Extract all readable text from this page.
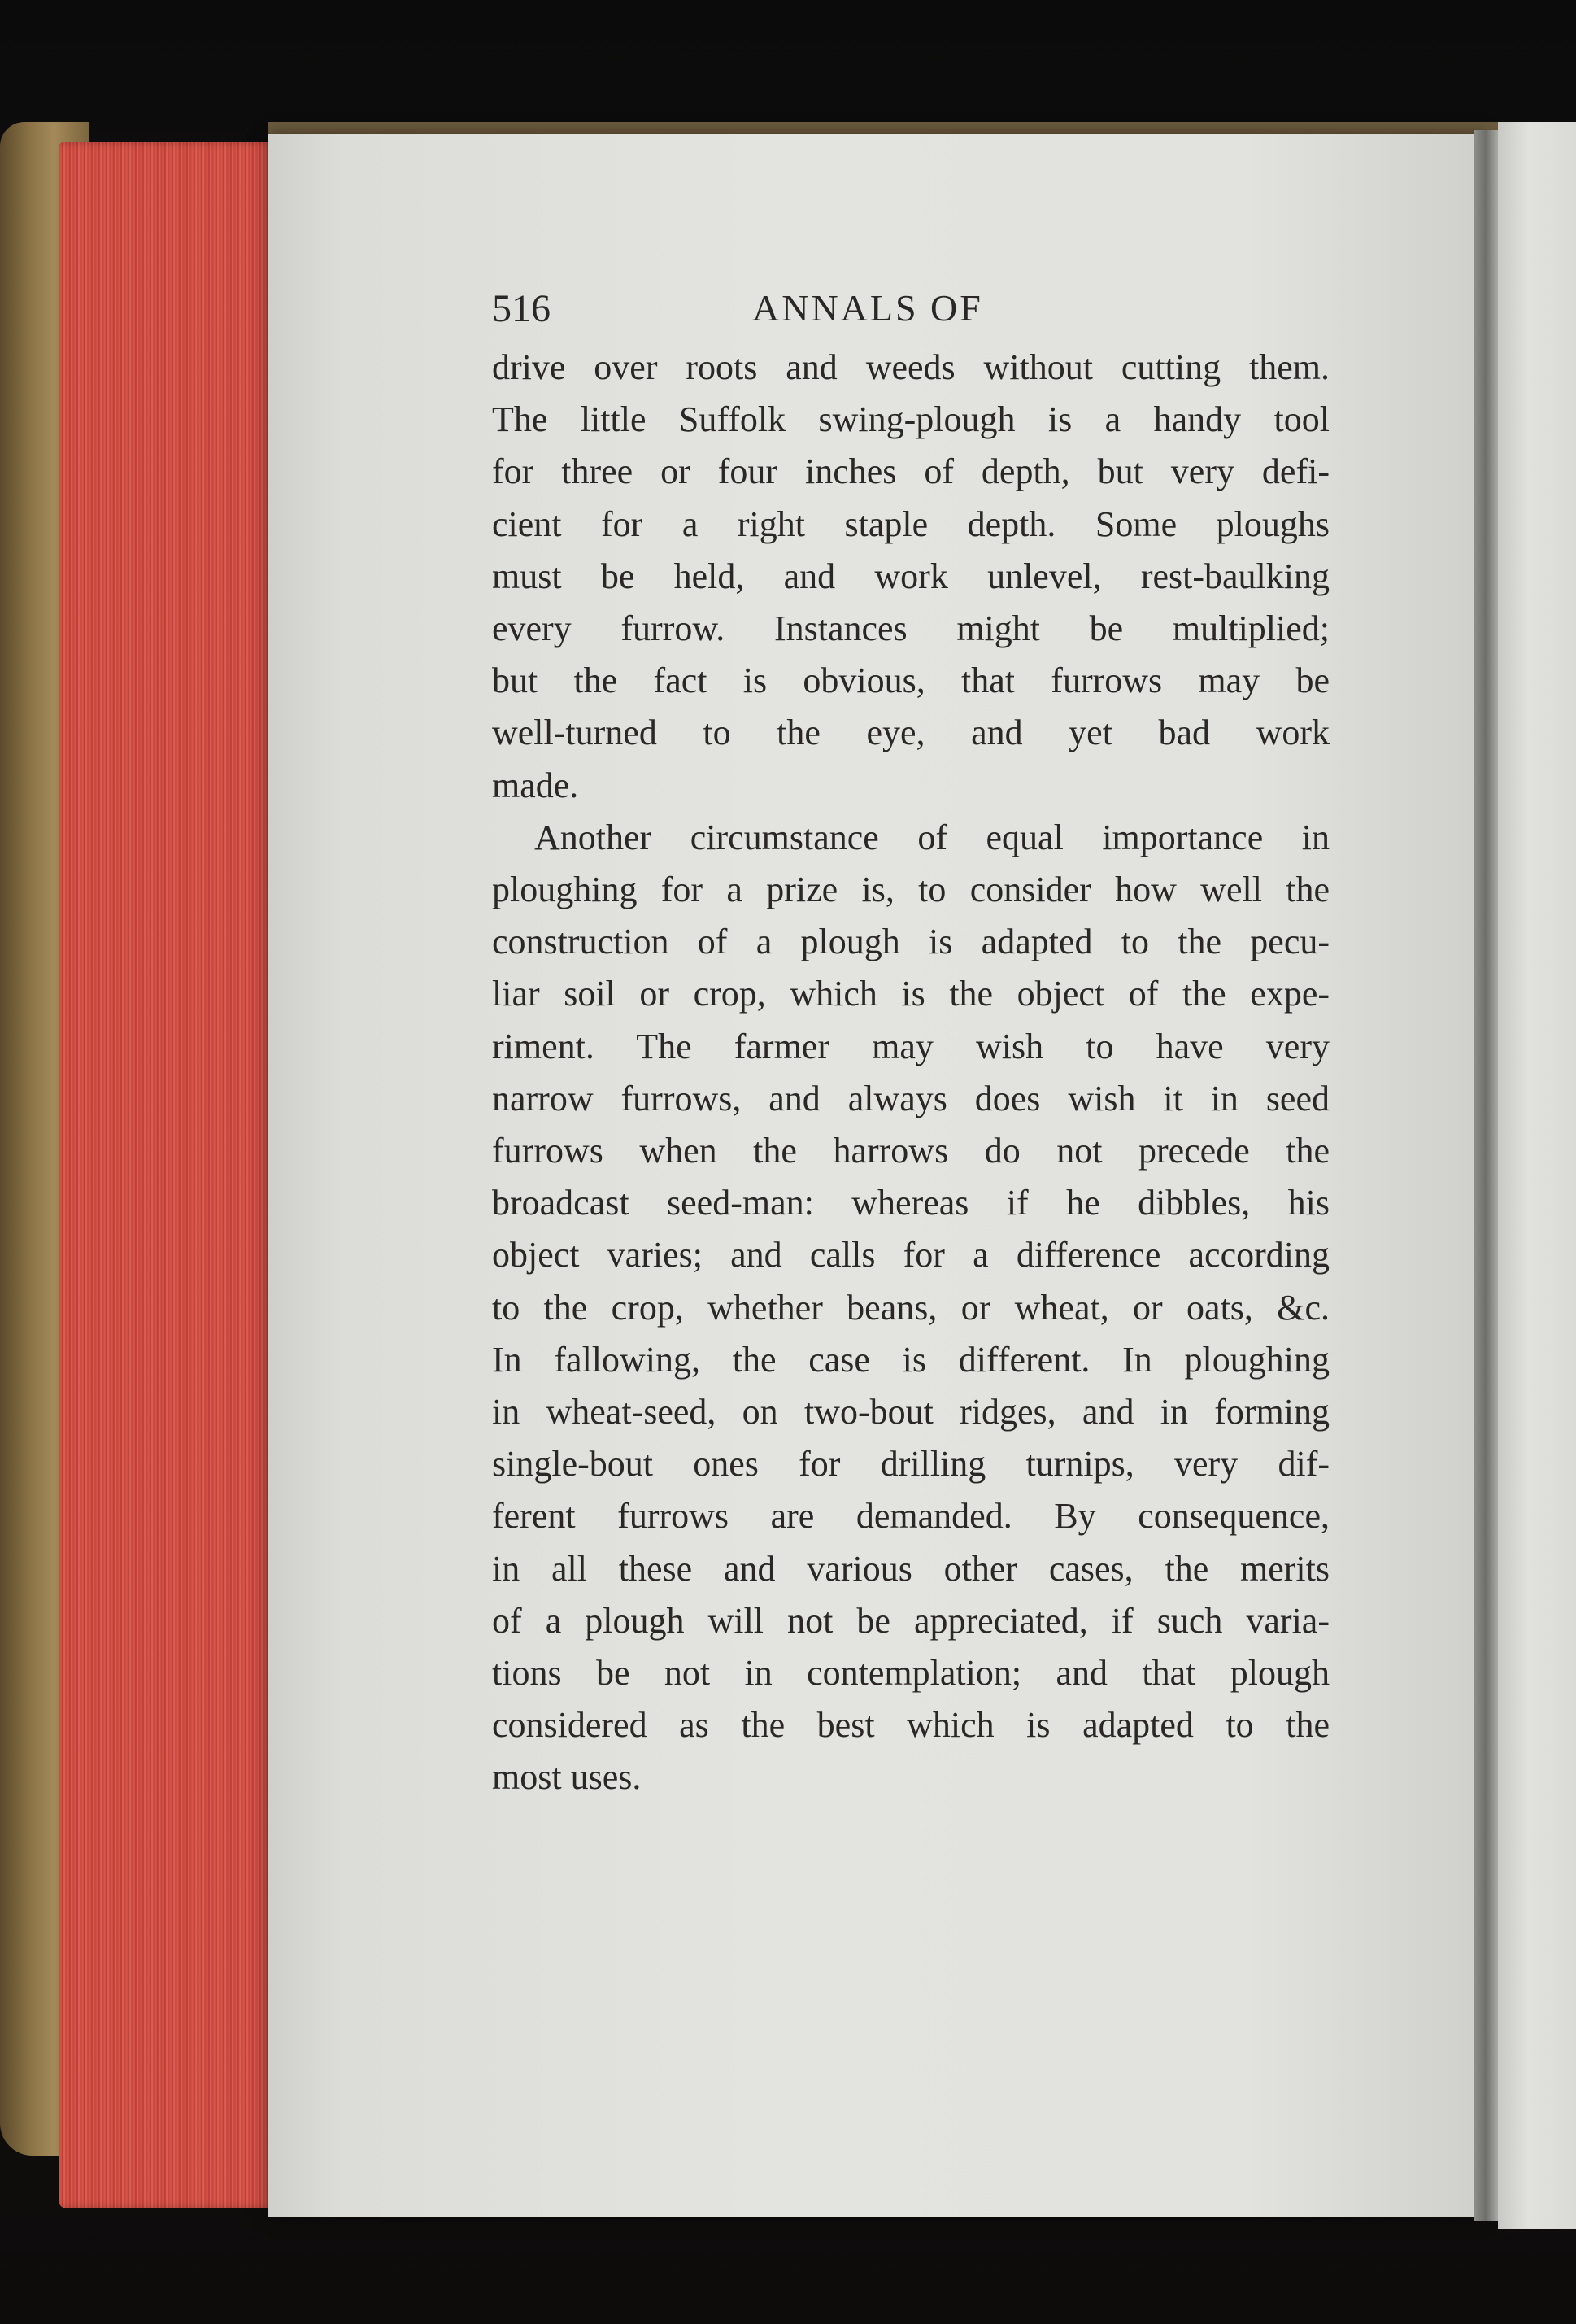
516	ANNALS OF
drive over roots and weeds without cutting them.
The little Suffolk swing-plough is a handy tool
for three or four inches of depth, but very defi-
cient for a right staple depth. Some ploughs
must be held, and work unlevel, rest-baulking
every furrow. Instances might be multiplied;
but the fact is obvious, that furrows may be
well-turned to the eye, and yet bad work
made.
Another circumstance of equal importance in
ploughing for a prize is, to consider how well the
construction of a plough is adapted to the pecu-
liar soil or crop, which is the object of the expe-
riment. The farmer may wish to have very
narrow furrows, and always does wish it in seed
furrows when the harrows do not precede the
broadcast seed-man: whereas if he dibbles, his
object varies; and calls for a difference according
to the crop, whether beans, or wheat, or oats, &c.
In fallowing, the case is different. In ploughing
in wheat-seed, on two-bout ridges, and in forming
single-bout ones for drilling turnips, very dif-
ferent furrows are demanded. By consequence,
in all these and various other cases, the merits
of a plough will not be appreciated, if such varia-
tions be not in contemplation; and that plough
considered as the best which is adapted to the
most uses.
